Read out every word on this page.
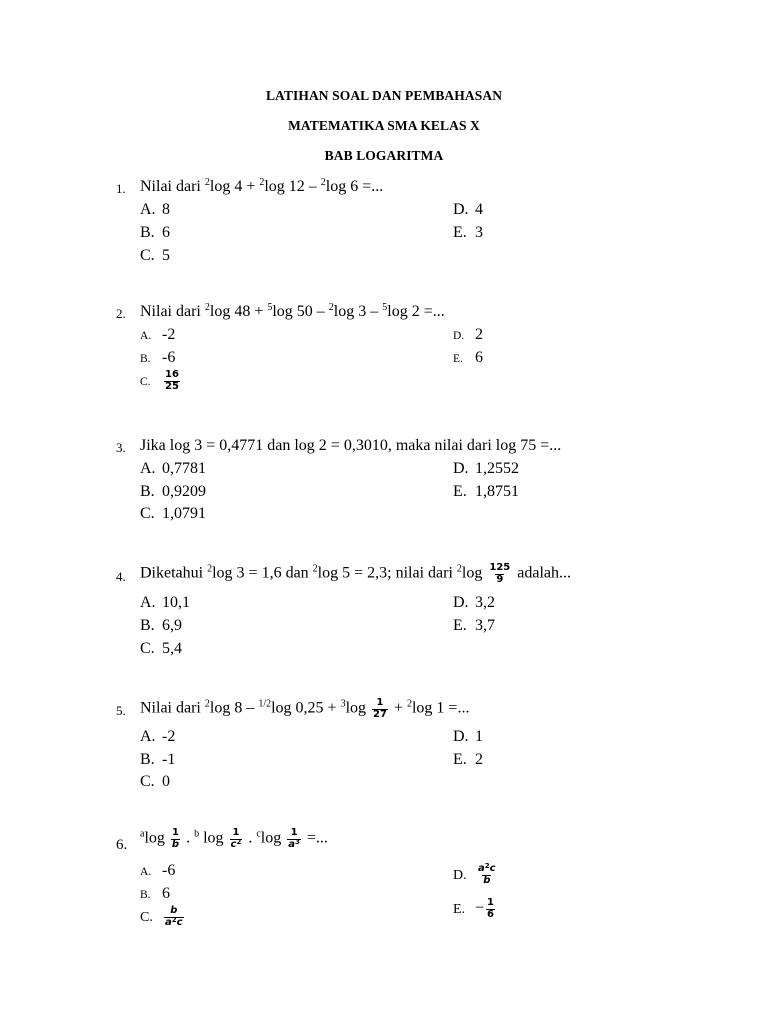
LATIHAN SOAL DAN PEMBAHASAN
MATEMATIKA SMA KELAS X
BAB LOGARITMA
1. Nilai dari $^2$log 4 + $^2$log 12 – $^2$log 6 =...
A. 8
B. 6
C. 5
D. 4
E. 3
2. Nilai dari $^2$log 48 + $^5$log 50 – $^2$log 3 – $^5$log 2 =...
A. -2
B. -6
C. $\frac{16}{25}$
D. 2
E. 6
3. Jika log 3 = 0,4771 dan log 2 = 0,3010, maka nilai dari log 75 =...
A. 0,7781
B. 0,9209
C. 1,0791
D. 1,2552
E. 1,8751
4. Diketahui $^2$log 3 = 1,6 dan $^2$log 5 = 2,3; nilai dari $^2\log \frac{125}{9}$ adalah...
A. 10,1
B. 6,9
C. 5,4
D. 3,2
E. 3,7
5. Nilai dari $^2$log 8 – $^{1/2}$log $0,25 + ^3\log \frac{1}{27} + ^2\log$ 1 =...
A. -2
B. -1
C. 0
D. 1
E. 2
6.
$^a\log \frac{1}{b}$ . $^b$ $\log \frac{1}{c^2}$ . $^c\log \frac{1}{a^3}$ =...
A. -6
B. 6
C. $\frac{b}{a^2c}$
D. $\frac{a^2c}{b}$
E. − $\frac{1}{6}$
